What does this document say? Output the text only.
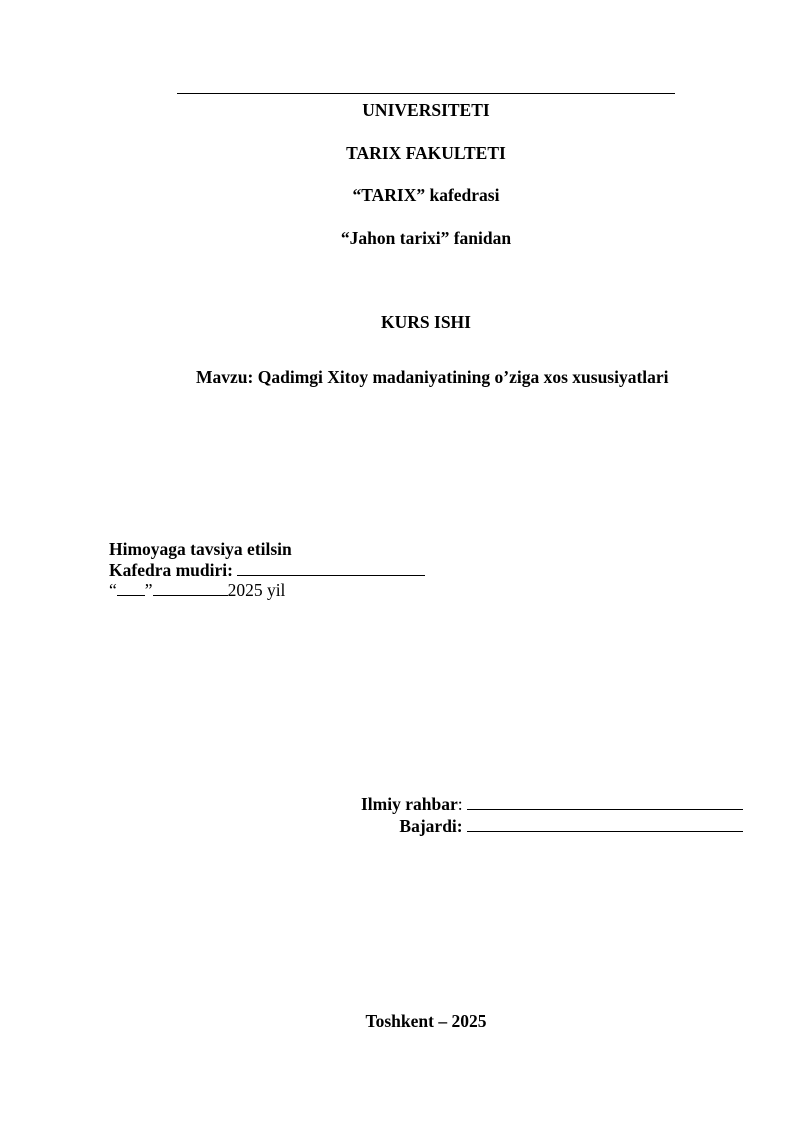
UNIVERSITETI
TARIX FAKULTETI
“TARIX” kafedrasi
“Jahon tarixi” fanidan
KURS ISHI
Mavzu: Qadimgi Xitoy madaniyatining o’ziga xos xususiyatlari
Himoyaga tavsiya etilsin
Kafedra mudiri:
“ ”	2025 yil
Ilmiy rahbar:
Bajardi:
Toshkent – 2025
